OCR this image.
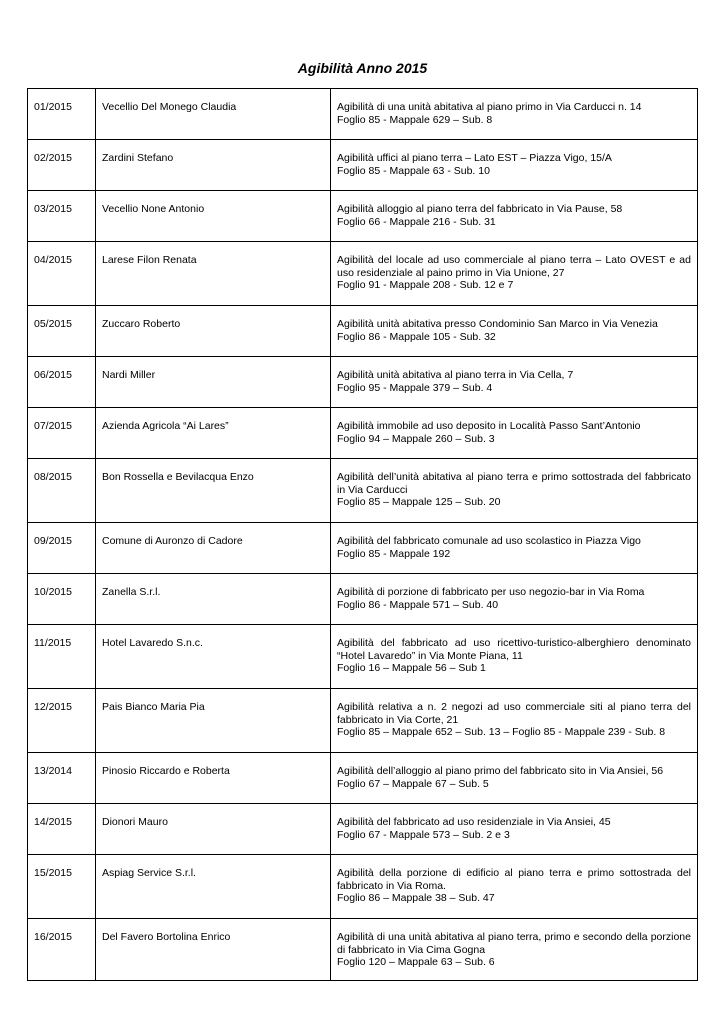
Agibilità Anno 2015
01/2015	Vecellio Del Monego Claudia	Agibilità di una unità abitativa al piano primo in Via Carducci n. 14
Foglio 85 - Mappale 629 – Sub. 8

02/2015	Zardini Stefano	Agibilità uffici al piano terra – Lato EST – Piazza Vigo, 15/A
Foglio 85 - Mappale 63 - Sub. 10

03/2015	Vecellio None Antonio	Agibilità alloggio al piano terra del fabbricato in Via Pause, 58
Foglio 66 - Mappale 216 - Sub. 31

04/2015	Larese Filon Renata	Agibilità del locale ad uso commerciale al piano terra – Lato OVEST e ad uso residenziale al paino primo in Via Unione, 27
Foglio 91 - Mappale 208 - Sub. 12 e 7

05/2015	Zuccaro Roberto	Agibilità unità abitativa presso Condominio San Marco in Via Venezia
Foglio 86 - Mappale 105 - Sub. 32

06/2015	Nardi Miller	Agibilità unità abitativa al piano terra in Via Cella, 7
Foglio 95 - Mappale 379 – Sub. 4

07/2015	Azienda Agricola “Ai Lares”	Agibilità immobile ad uso deposito in Località Passo Sant’Antonio
Foglio 94 – Mappale 260 – Sub. 3

08/2015	Bon Rossella e Bevilacqua Enzo	Agibilità dell’unità abitativa al piano terra e primo sottostrada del fabbricato in Via Carducci
Foglio 85 – Mappale 125 – Sub. 20

09/2015	Comune di Auronzo di Cadore	Agibilità del fabbricato comunale ad uso scolastico in Piazza Vigo
Foglio 85 - Mappale 192

10/2015	Zanella S.r.l.	Agibilità di porzione di fabbricato per uso negozio-bar in Via Roma
Foglio 86 - Mappale 571 – Sub. 40

11/2015	Hotel Lavaredo S.n.c.	Agibilità del fabbricato ad uso ricettivo-turistico-alberghiero denominato “Hotel Lavaredo” in Via Monte Piana, 11
Foglio 16 – Mappale 56 – Sub 1

12/2015	Pais Bianco Maria Pia	Agibilità relativa a n. 2 negozi ad uso commerciale siti al piano terra del fabbricato in Via Corte, 21
Foglio 85 – Mappale 652 – Sub. 13 – Foglio 85 - Mappale 239 - Sub. 8

13/2014	Pinosio Riccardo e Roberta	Agibilità dell’alloggio al piano primo del fabbricato sito in Via Ansiei, 56
Foglio 67 – Mappale 67 – Sub. 5

14/2015	Dionori Mauro	Agibilità del fabbricato ad uso residenziale in Via Ansiei, 45
Foglio 67 - Mappale 573 – Sub. 2 e 3

15/2015	Aspiag Service S.r.l.	Agibilità della porzione di edificio al piano terra e primo sottostrada del fabbricato in Via Roma.
Foglio 86 – Mappale 38 – Sub. 47

16/2015	Del Favero Bortolina Enrico	Agibilità di una unità abitativa al piano terra, primo e secondo della porzione di fabbricato in Via Cima Gogna
Foglio 120 – Mappale 63 – Sub. 6
